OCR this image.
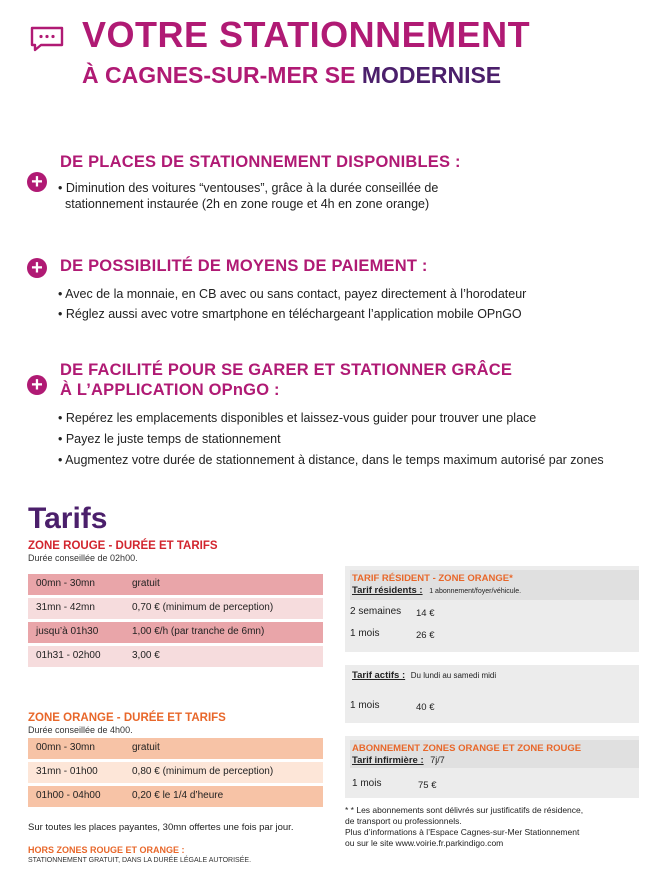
VOTRE STATIONNEMENT
À CAGNES-SUR-MER SE MODERNISE
+
DE PLACES DE STATIONNEMENT DISPONIBLES :
• Diminution des voitures “ventouses”, grâce à la durée conseillée de
stationnement instaurée (2h en zone rouge et 4h en zone orange)
+ DE POSSIBILITÉ DE MOYENS DE PAIEMENT :
• Avec de la monnaie, en CB avec ou sans contact, payez directement à l’horodateur
• Réglez aussi avec votre smartphone en téléchargeant l’application mobile OPnGO
+
DE FACILITÉ POUR SE GARER ET STATIONNER GRÂCE
À L’APPLICATION OPnGO :
• Repérez les emplacements disponibles et laissez-vous guider pour trouver une place
• Payez le juste temps de stationnement
• Augmentez votre durée de stationnement à distance, dans le temps maximum autorisé par zones
Tarifs
ZONE ROUGE - DURÉE ET TARIFS
Durée conseillée de 02h00.
00mn - 30mn	gratuit
31mn - 42mn	0,70 € (minimum de perception)
jusqu’à 01h30	1,00 €/h (par tranche de 6mn)
01h31 - 02h00	3,00 €
ZONE ORANGE - DURÉE ET TARIFS
Durée conseillée de 4h00.
00mn - 30mn	gratuit
31mn - 01h00	0,80 € (minimum de perception)
01h00 - 04h00	0,20 € le 1/4 d’heure
Sur toutes les places payantes, 30mn offertes une fois par jour.
HORS ZONES ROUGE ET ORANGE :
STATIONNEMENT GRATUIT, DANS LA DURÉE LÉGALE AUTORISÉE.
TARIF RÉSIDENT - ZONE ORANGE*
Tarif résidents : 1 abonnement/foyer/véhicule.
2 semaines 14 €
1 mois	26 €
Tarif actifs : Du lundi au samedi midi
1 mois	40 €
ABONNEMENT ZONES ORANGE ET ZONE ROUGE
Tarif infirmière : 7j/7
1 mois	75 €
* * Les abonnements sont délivrés sur justificatifs de résidence,
de transport ou professionnels.
Plus d’informations à l’Espace Cagnes-sur-Mer Stationnement
ou sur le site www.voirie.fr.parkindigo.com
